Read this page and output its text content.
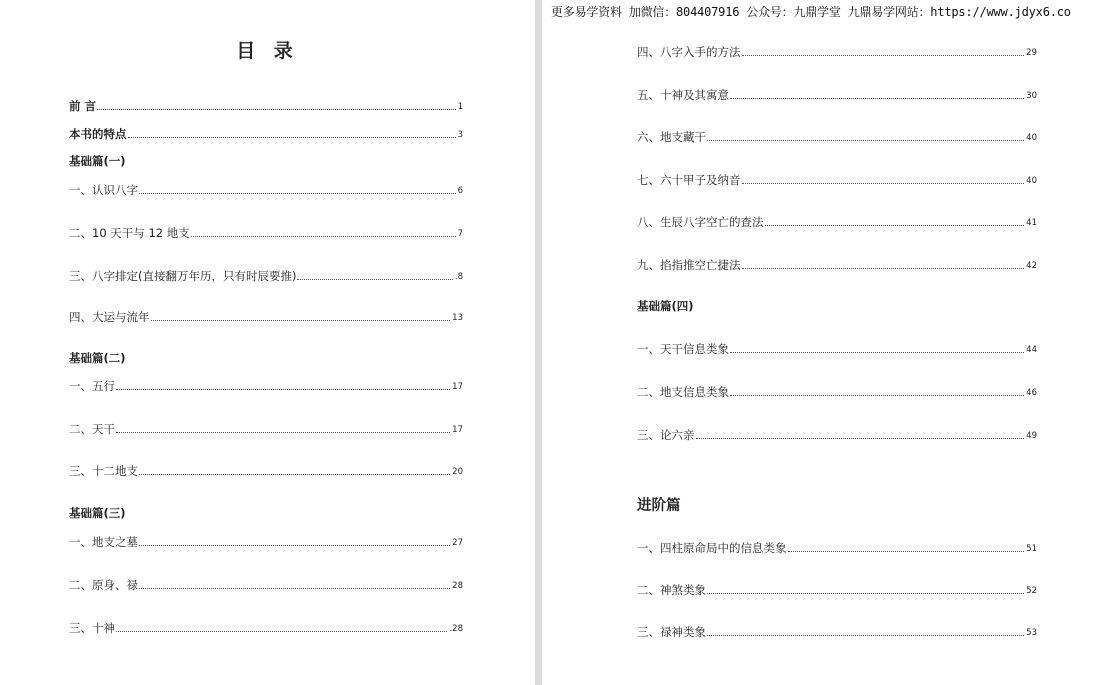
目 录
前 言	1
本书的特点	3
基础篇(一)
一、认识八字	6
二、10 天干与 12 地支	7
三、八字排定(直接翻万年历，只有时辰要推)	.8
四、大运与流年	13
基础篇(二)
一、五行	17
二、天干	17
三、十二地支	20
基础篇(三)
一、地支之墓	27
二、原身、禄	28
三、十神	.28
四、八字入手的方法	29
五、十神及其寓意	30
六、地支藏干	40
七、六十甲子及纳音	40
八、生辰八字空亡的查法	41
九、掐指推空亡捷法	42
基础篇(四)
一、天干信息类象	44
二、地支信息类象	46
三、论六亲	49
进阶篇
一、四柱原命局中的信息类象	51
二、神煞类象	52
三、禄神类象	53
更多易学资料 加微信：804407916 公众号：九鼎学堂 九鼎易学网站：https://www.jdyx6.co
